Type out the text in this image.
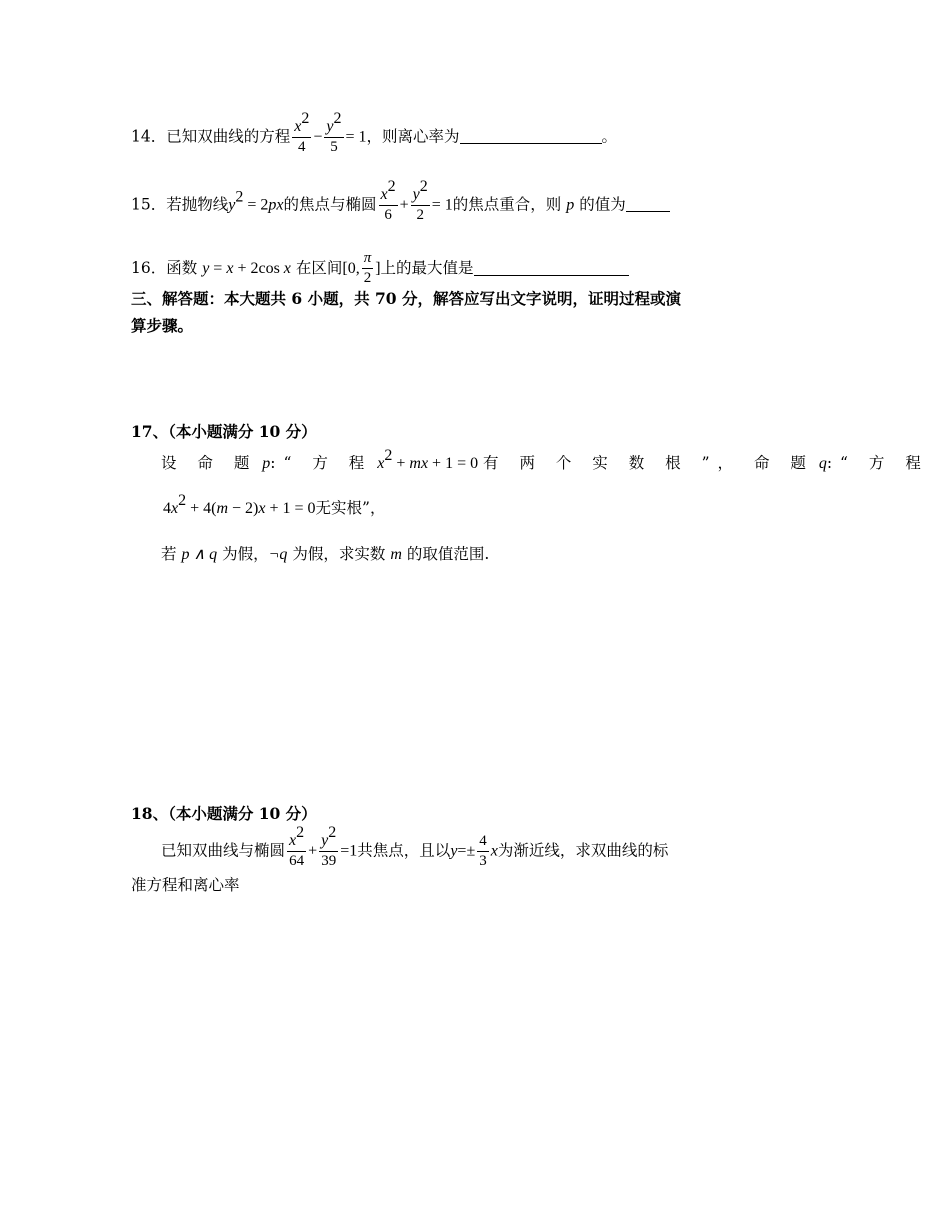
14．已知双曲线的方程 $\frac{x^2}{4} - \frac{y^2}{5} = 1$，则离心率为	。
15．若抛物线$y^2 = 2px$的焦点与椭圆 $\frac{x^2}{6} + \frac{y^2}{2} = 1$的焦点重合，则 p 的值为
16．函数 y = x + 2cos x 在区间[0, $\frac{\pi}{2}$ ]上的最大值是
三、解答题：本大题共 6 小题，共 70 分，解答应写出文字说明，证明过程或演
算步骤。
17、（本小题满分 10 分）
设 命 题 p:“ 方 程 $x^2$ + mx + 1 = 0 有 两 个 实 数 根 ”， 命 题 q:“ 方 程
$4x^2 + 4(m - 2)x + 1 = 0$无实根”，
若 p ∧ q 为假，¬q 为假，求实数 m 的取值范围.
18、（本小题满分 10 分）
已知双曲线与椭圆 $\frac{x^2}{64} + \frac{y^2}{39} =1$共焦点，且以$y=\pm \frac{4}{3}$ x为渐近线，求双曲线的标
准方程和离心率
